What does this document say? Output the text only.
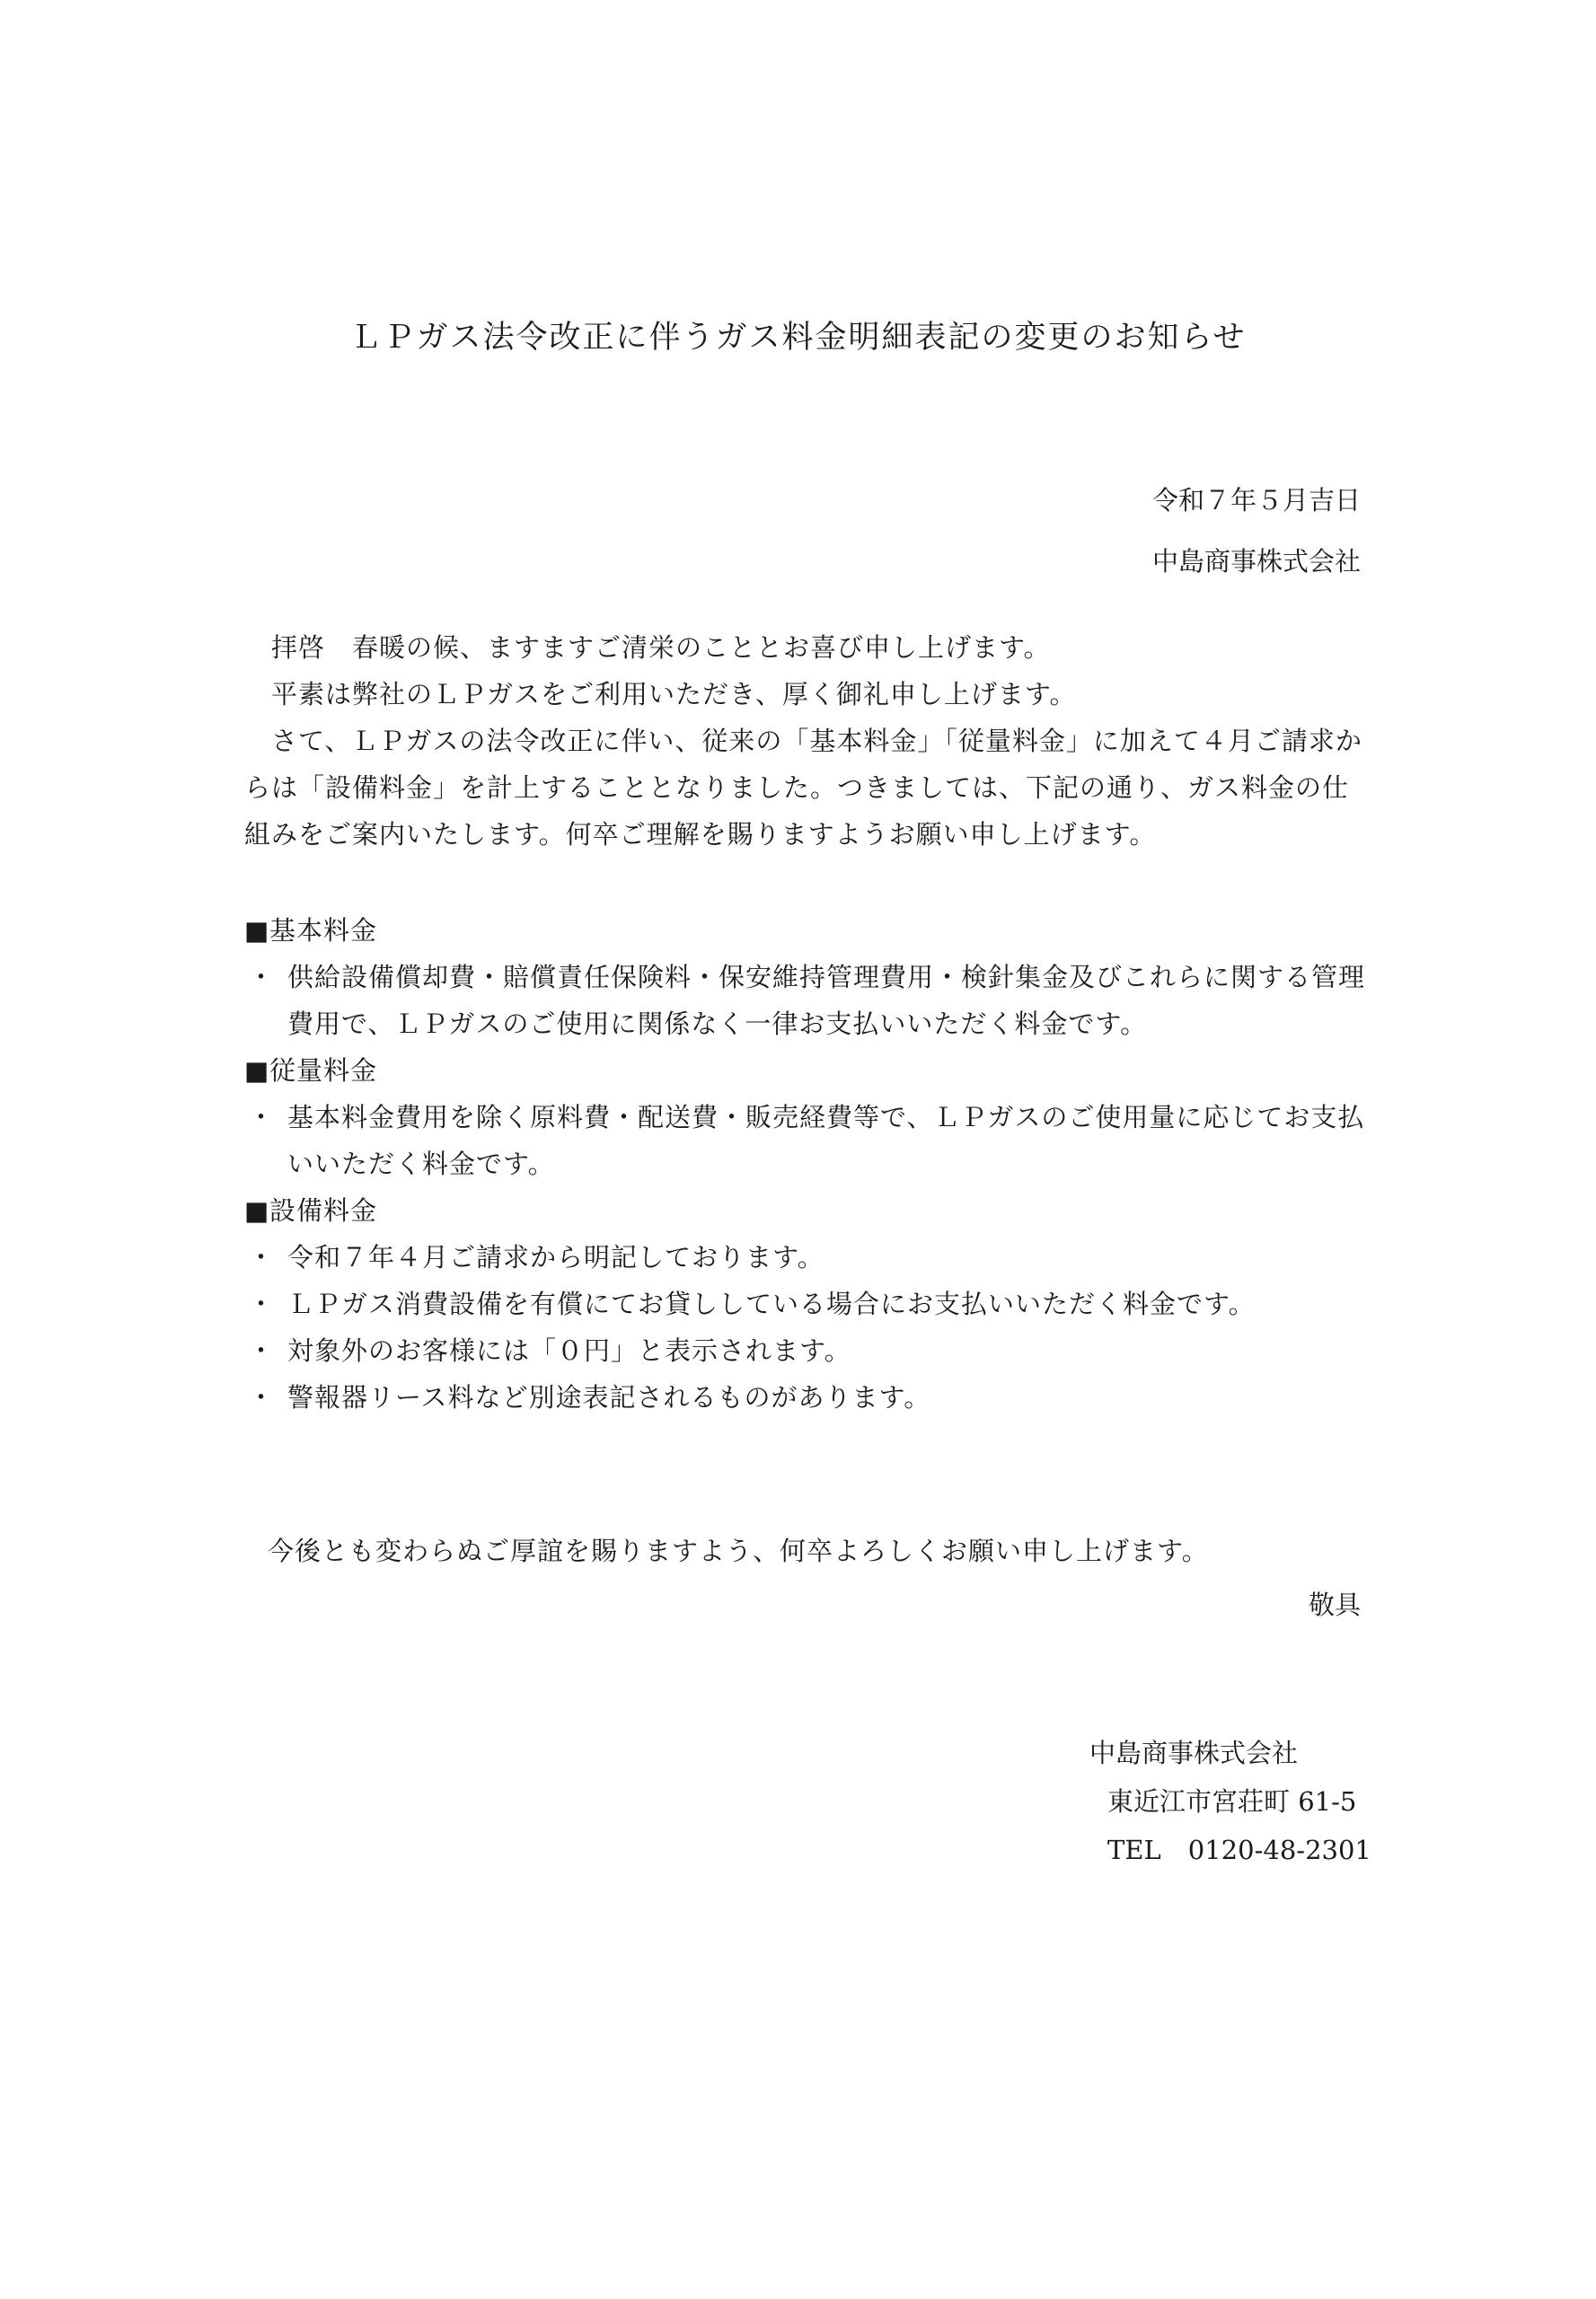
ＬＰガス法令改正に伴うガス料金明細表記の変更のお知らせ
令和７年５月吉日
中島商事株式会社

拝啓　春暖の候、ますますご清栄のこととお喜び申し上げます。

平素は弊社のＬＰガスをご利用いただき、厚く御礼申し上げます。

さて、ＬＰガスの法令改正に伴い、従来の「基本料金」「従量料金」に加えて４月ご請求からは「設備料金」を計上することとなりました。つきましては、下記の通り、ガス料金の仕組みをご案内いたします。何卒ご理解を賜りますようお願い申し上げます。

■基本料金

・ 供給設備償却費・賠償責任保険料・保安維持管理費用・検針集金及びこれらに関する管理費用で、ＬＰガスのご使用に関係なく一律お支払いいただく料金です。

■従量料金

・ 基本料金費用を除く原料費・配送費・販売経費等で、ＬＰガスのご使用量に応じてお支払いいただく料金です。

■設備料金

・ 令和７年４月ご請求から明記しております。

・ ＬＰガス消費設備を有償にてお貸ししている場合にお支払いいただく料金です。

・ 対象外のお客様には「０円」と表示されます。

・ 警報器リース料など別途表記されるものがあります。

今後とも変わらぬご厚誼を賜りますよう、何卒よろしくお願い申し上げます。
敬具
中島商事株式会社
東近江市宮荘町 61-5
TEL 0120-48-2301
